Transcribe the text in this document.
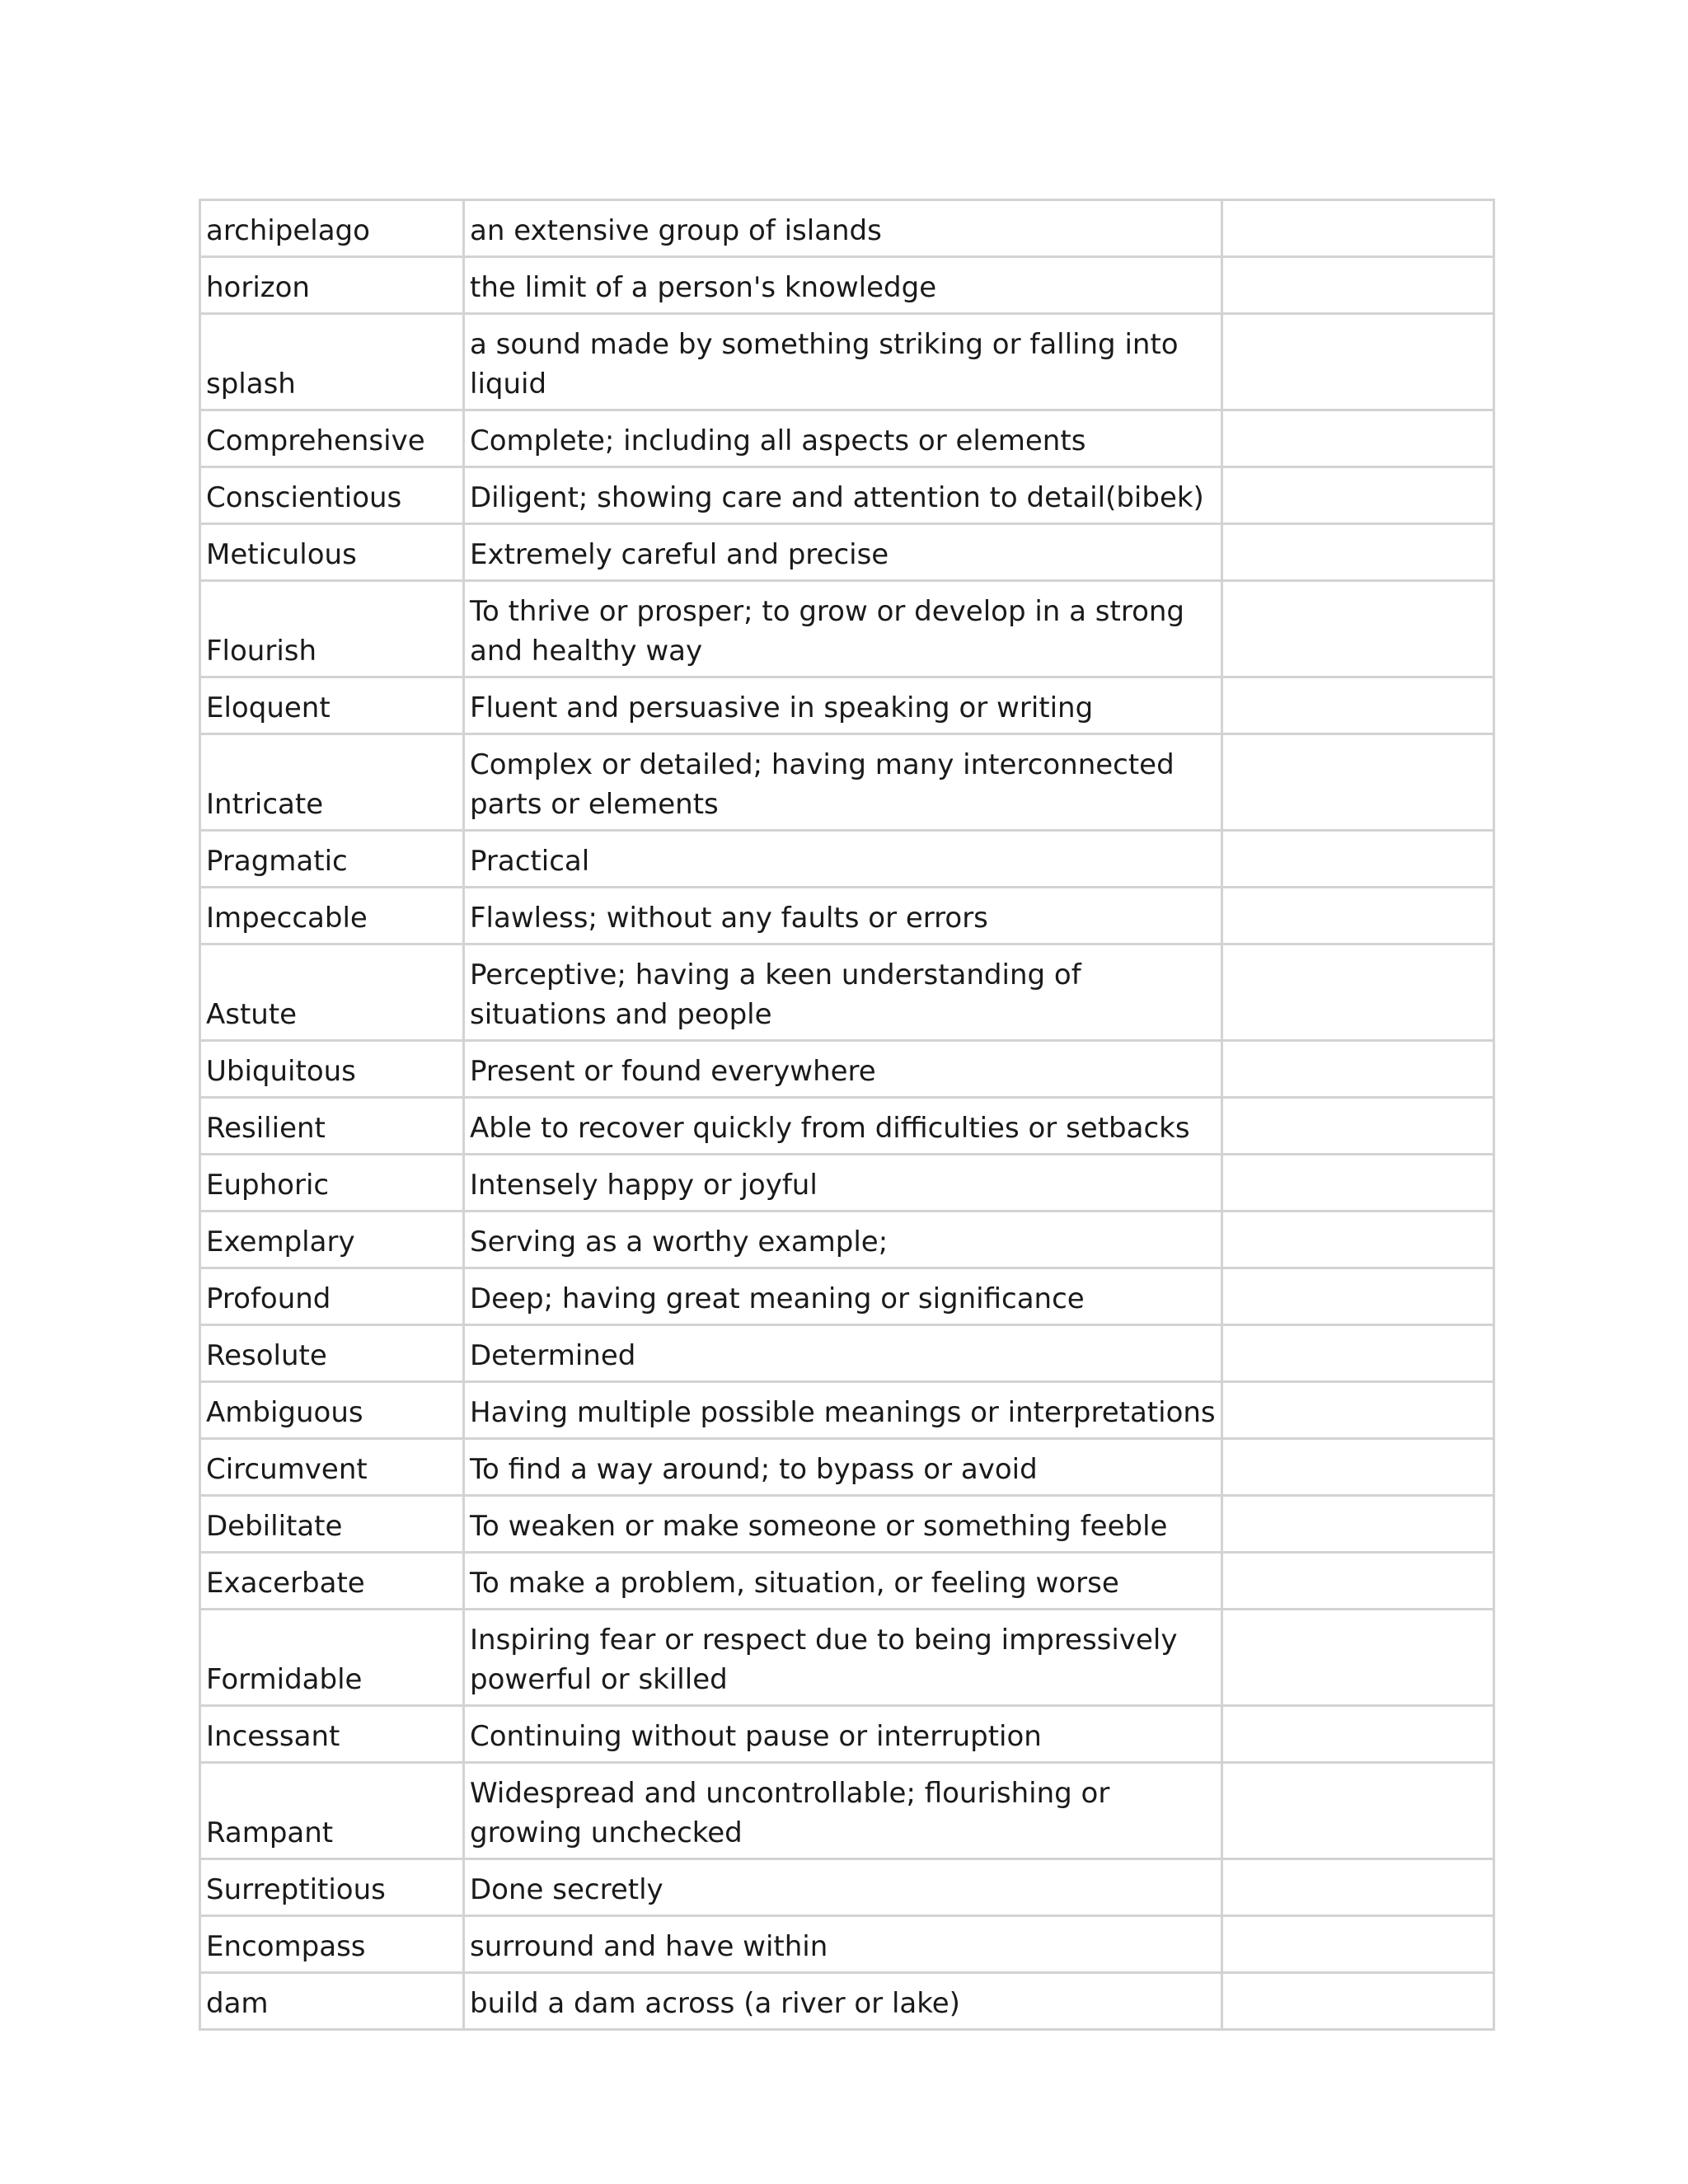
archipelago	an extensive group of islands	
horizon	the limit of a person's knowledge	
splash	a sound made by something striking or falling into liquid	
Comprehensive	Complete; including all aspects or elements	
Conscientious	Diligent; showing care and attention to detail(bibek)	
Meticulous	Extremely careful and precise	
Flourish	To thrive or prosper; to grow or develop in a strong and healthy way	
Eloquent	Fluent and persuasive in speaking or writing	
Intricate	Complex or detailed; having many interconnected parts or elements	
Pragmatic	Practical	
Impeccable	Flawless; without any faults or errors	
Astute	Perceptive; having a keen understanding of situations and people	
Ubiquitous	Present or found everywhere	
Resilient	Able to recover quickly from difficulties or setbacks	
Euphoric	Intensely happy or joyful	
Exemplary	Serving as a worthy example;	
Profound	Deep; having great meaning or significance	
Resolute	Determined	
Ambiguous	Having multiple possible meanings or interpretations	
Circumvent	To find a way around; to bypass or avoid	
Debilitate	To weaken or make someone or something feeble	
Exacerbate	To make a problem, situation, or feeling worse	
Formidable	Inspiring fear or respect due to being impressively powerful or skilled	
Incessant	Continuing without pause or interruption	
Rampant	Widespread and uncontrollable; flourishing or growing unchecked	
Surreptitious	Done secretly	
Encompass	surround and have within	
dam	build a dam across (a river or lake)	
